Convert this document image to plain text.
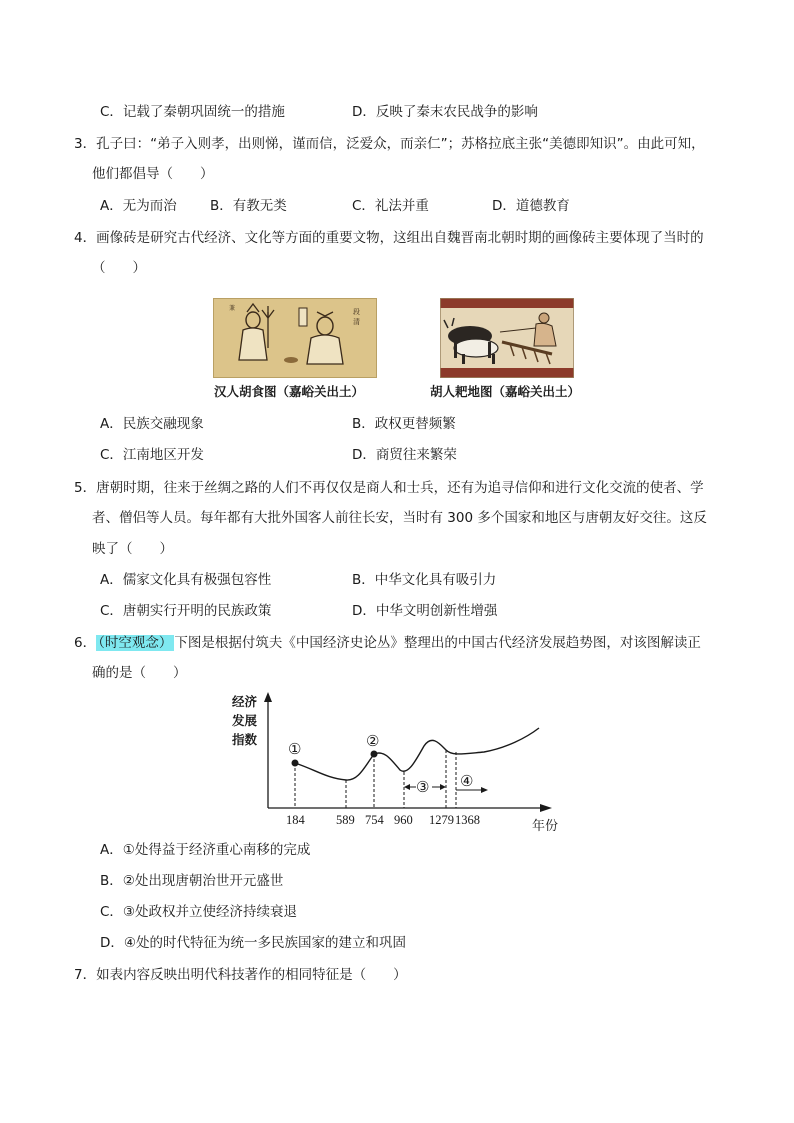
C．记载了秦朝巩固统一的措施	D．反映了秦末农民战争的影响
3．孔子曰：“弟子入则孝，出则悌，谨而信，泛爱众，而亲仁”；苏格拉底主张“美德即知识”。由此可知，
他们都倡导（　　）
A．无为而治 B．有教无类	C．礼法并重	D．道德教育
4．画像砖是研究古代经济、文化等方面的重要文物，这组出自魏晋南北朝时期的画像砖主要体现了当时的
（　　）
段
清
兼
汉人胡食图（嘉峪关出土）	胡人耙地图（嘉峪关出土）
A．民族交融现象	B．政权更替频繁
C．江南地区开发	D．商贸往来繁荣
5．唐朝时期，往来于丝绸之路的人们不再仅仅是商人和士兵，还有为追寻信仰和进行文化交流的使者、学
者、僧侣等人员。每年都有大批外国客人前往长安，当时有 300 多个国家和地区与唐朝友好交往。这反
映了（　　）
A．儒家文化具有极强包容性	B．中华文化具有吸引力
C．唐朝实行开明的民族政策	D．中华文明创新性增强
6． （时空观念） 下图是根据付筑夫《中国经济史论丛》整理出的中国古代经济发展趋势图，对该图解读正
确的是（　　）
经济
发展
指数
①	②
③ ④
184	589 754 960 1279 1368	年份
A．①处得益于经济重心南移的完成
B．②处出现唐朝治世开元盛世
C．③处政权并立使经济持续衰退
D．④处的时代特征为统一多民族国家的建立和巩固
7．如表内容反映出明代科技著作的相同特征是（　　）
